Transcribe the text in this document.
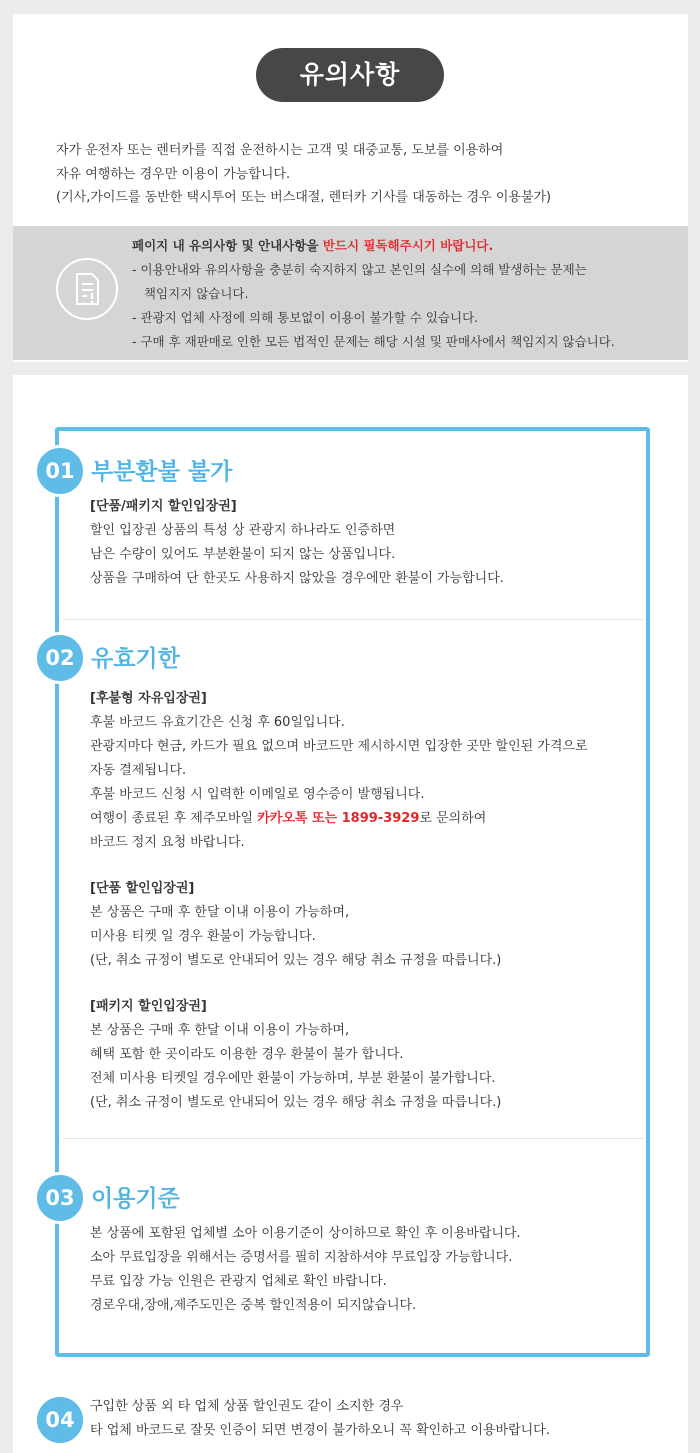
유의사항
자가 운전자 또는 렌터카를 직접 운전하시는 고객 및 대중교통, 도보를 이용하여
자유 여행하는 경우만 이용이 가능합니다.
(기사,가이드를 동반한 택시투어 또는 버스대절, 렌터카 기사를 대동하는 경우 이용불가)
페이지 내 유의사항 및 안내사항을 반드시 필독해주시기 바랍니다.
- 이용안내와 유의사항을 충분히 숙지하지 않고 본인의 실수에 의해 발생하는 문제는
책임지지 않습니다.
- 관광지 업체 사정에 의해 통보없이 이용이 불가할 수 있습니다.
- 구매 후 재판매로 인한 모든 법적인 문제는 해당 시설 및 판매사에서 책임지지 않습니다.
01 부분환불 불가
[단품/패키지 할인입장권]
할인 입장권 상품의 특성 상 관광지 하나라도 인증하면
남은 수량이 있어도 부분환불이 되지 않는 상품입니다.
상품을 구매하여 단 한곳도 사용하지 않았을 경우에만 환불이 가능합니다.
02 유효기한
[후불형 자유입장권]
후불 바코드 유효기간은 신청 후 60일입니다.
관광지마다 현금, 카드가 필요 없으며 바코드만 제시하시면 입장한 곳만 할인된 가격으로
자동 결제됩니다.
후불 바코드 신청 시 입력한 이메일로 영수증이 발행됩니다.
여행이 종료된 후 제주모바일 카카오톡 또는 1899-3929로 문의하여
바코드 정지 요청 바랍니다.
[단품 할인입장권]
본 상품은 구매 후 한달 이내 이용이 가능하며,
미사용 티켓 일 경우 환불이 가능합니다.
(단, 취소 규정이 별도로 안내되어 있는 경우 해당 취소 규정을 따릅니다.)
[패키지 할인입장권]
본 상품은 구매 후 한달 이내 이용이 가능하며,
혜택 포함 한 곳이라도 이용한 경우 환불이 불가 합니다.
전체 미사용 티켓일 경우에만 환불이 가능하며, 부분 환불이 불가합니다.
(단, 취소 규정이 별도로 안내되어 있는 경우 해당 취소 규정을 따릅니다.)
03 이용기준
본 상품에 포함된 업체별 소아 이용기준이 상이하므로 확인 후 이용바랍니다.
소아 무료입장을 위해서는 증명서를 필히 지참하셔야 무료입장 가능합니다.
무료 입장 가능 인원은 관광지 업체로 확인 바랍니다.
경로우대,장애,제주도민은 중복 할인적용이 되지않습니다.
04
구입한 상품 외 타 업체 상품 할인권도 같이 소지한 경우
타 업체 바코드로 잘못 인증이 되면 변경이 불가하오니 꼭 확인하고 이용바랍니다.
